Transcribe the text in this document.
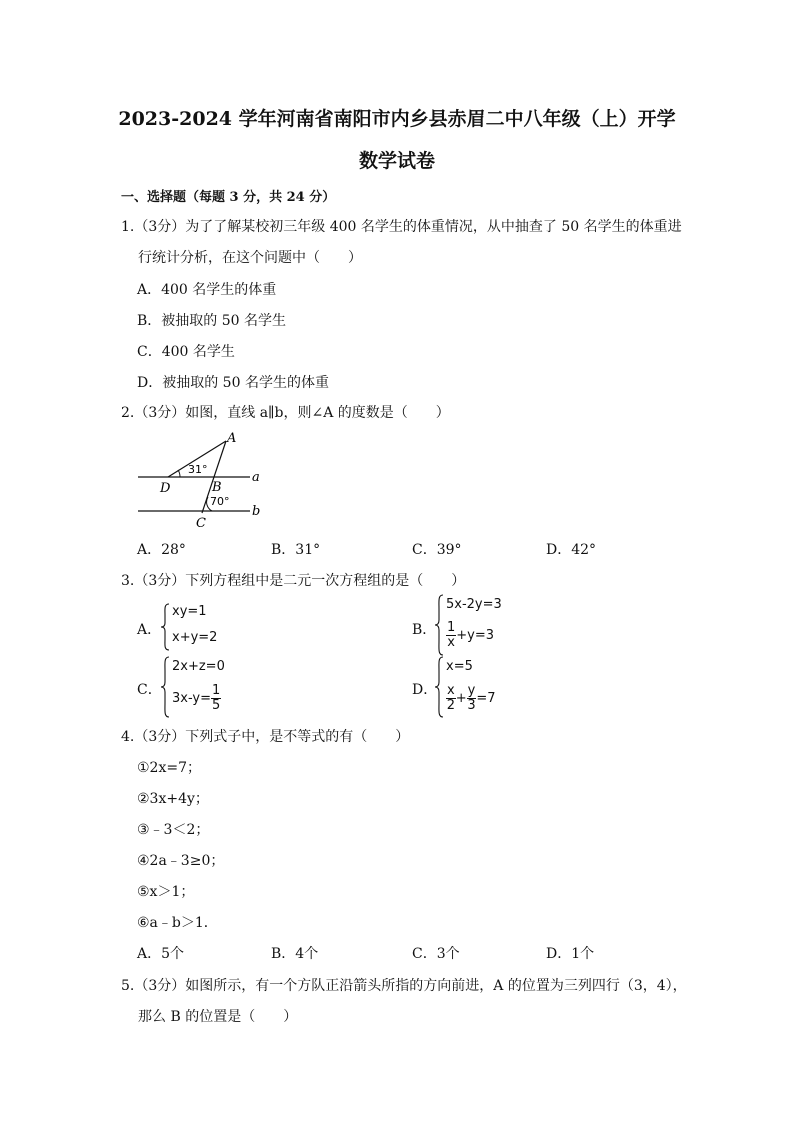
2023-2024 学年河南省南阳市内乡县赤眉二中八年级（上）开学
数学试卷
一、选择题（每题 3 分，共 24 分）
1.（3分）为了了解某校初三年级 400 名学生的体重情况，从中抽查了 50 名学生的体重进
行统计分析，在这个问题中（　　）
A．400 名学生的体重
B．被抽取的 50 名学生
C．400 名学生
D．被抽取的 50 名学生的体重
2.（3分）如图，直线 a∥b，则∠A 的度数是（　　）
A
D	B
C
a
b
31°
70°
A．28°	B．31°	C．39°	D．42°
3.（3分）下列方程组中是二元一次方程组的是（　　）
A．
xy=1
x+y=2	B．
5x-2y=3
$\frac{1}{x} +y=3$
C．
2x+z=0
$3x-y= \frac{1}{5}$	D．
x=5
$\frac{x}{2} + \frac{y}{3} =7$
4.（3分）下列式子中，是不等式的有（　　）
①2x=7；
②3x+4y；
③﹣3＜2；
④2a﹣3≥0；
⑤x＞1；
⑥a﹣b＞1．
A．5个	B．4个	C．3个	D．1个
5.（3分）如图所示，有一个方队正沿箭头所指的方向前进，A 的位置为三列四行（3，4），
那么 B 的位置是（　　）
